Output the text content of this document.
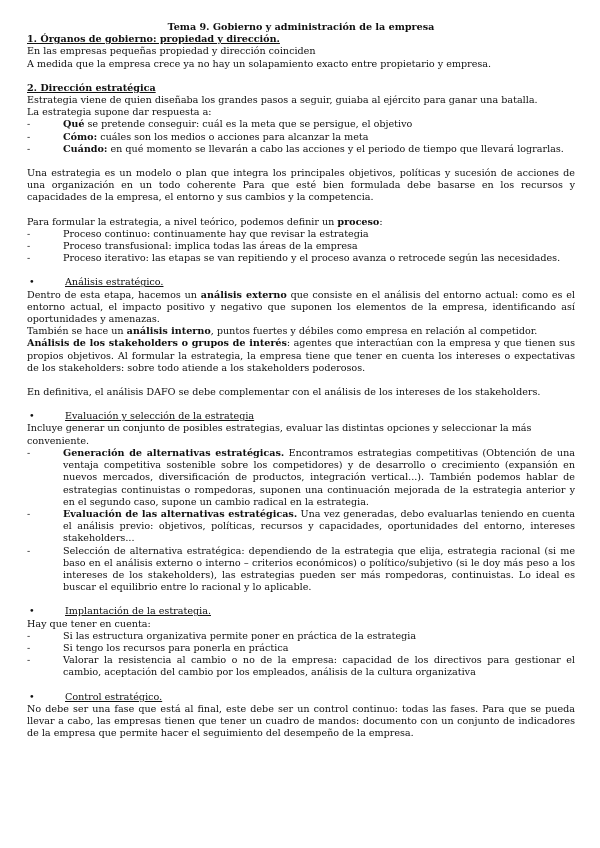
Tema 9. Gobierno y administración de la empresa

1. Órganos de gobierno: propiedad y dirección.

En las empresas pequeñas propiedad y dirección coinciden

A medida que la empresa crece ya no hay un solapamiento exacto entre propietario y empresa.

2. Dirección estratégica

Estrategia viene de quien diseñaba los grandes pasos a seguir, guiaba al ejército para ganar una batalla.

La estrategia supone dar respuesta a:

-	Qué se pretende conseguir: cuál es la meta que se persigue, el objetivo
-	Cómo: cuáles son los medios o acciones para alcanzar la meta
-	Cuándo: en qué momento se llevarán a cabo las acciones y el periodo de tiempo que llevará lograrlas.

Una estrategia es un modelo o plan que integra los principales objetivos, políticas y sucesión de acciones de una organización en un todo coherente Para que esté bien formulada debe basarse en los recursos y capacidades de la empresa, el entorno y sus cambios y la competencia.

Para formular la estrategia, a nivel teórico, podemos definir un proceso:

-	Proceso continuo: continuamente hay que revisar la estrategia
-	Proceso transfusional: implica todas las áreas de la empresa
-	Proceso iterativo: las etapas se van repitiendo y el proceso avanza o retrocede según las necesidades.
•	Análisis estratégico.

Dentro de esta etapa, hacemos un análisis externo que consiste en el análisis del entorno actual: como es el entorno actual, el impacto positivo y negativo que suponen los elementos de la empresa, identificando así oportunidades y amenazas.

También se hace un análisis interno, puntos fuertes y débiles como empresa en relación al competidor.

Análisis de los stakeholders o grupos de interés: agentes que interactúan con la empresa y que tienen sus propios objetivos. Al formular la estrategia, la empresa tiene que tener en cuenta los intereses o expectativas de los stakeholders: sobre todo atiende a los stakeholders poderosos.

En definitiva, el análisis DAFO se debe complementar con el análisis de los intereses de los stakeholders.

•	Evaluación y selección de la estrategia

Incluye generar un conjunto de posibles estrategias, evaluar las distintas opciones y seleccionar la más conveniente.

-	Generación de alternativas estratégicas. Encontramos estrategias competitivas (Obtención de una ventaja competitiva sostenible sobre los competidores) y de desarrollo o crecimiento (expansión en nuevos mercados, diversificación de productos, integración vertical...). También podemos hablar de estrategias continuistas o rompedoras, suponen una continuación mejorada de la estrategia anterior y en el segundo caso, supone un cambio radical en la estrategia.
-	Evaluación de las alternativas estratégicas. Una vez generadas, debo evaluarlas teniendo en cuenta el análisis previo: objetivos, políticas, recursos y capacidades, oportunidades del entorno, intereses stakeholders...
-	Selección de alternativa estratégica: dependiendo de la estrategia que elija, estrategia racional (si me baso en el análisis externo o interno – criterios económicos) o político/subjetivo (si le doy más peso a los intereses de los stakeholders), las estrategias pueden ser más rompedoras, continuistas. Lo ideal es buscar el equilibrio entre lo racional y lo aplicable.
•	Implantación de la estrategia.

Hay que tener en cuenta:

-	Si las estructura organizativa permite poner en práctica de la estrategia
-	Si tengo los recursos para ponerla en práctica
-	Valorar la resistencia al cambio o no de la empresa: capacidad de los directivos para gestionar el cambio, aceptación del cambio por los empleados, análisis de la cultura organizativa
•	Control estratégico.

No debe ser una fase que está al final, este debe ser un control continuo: todas las fases. Para que se pueda llevar a cabo, las empresas tienen que tener un cuadro de mandos: documento con un conjunto de indicadores de la empresa que permite hacer el seguimiento del desempeño de la empresa.
